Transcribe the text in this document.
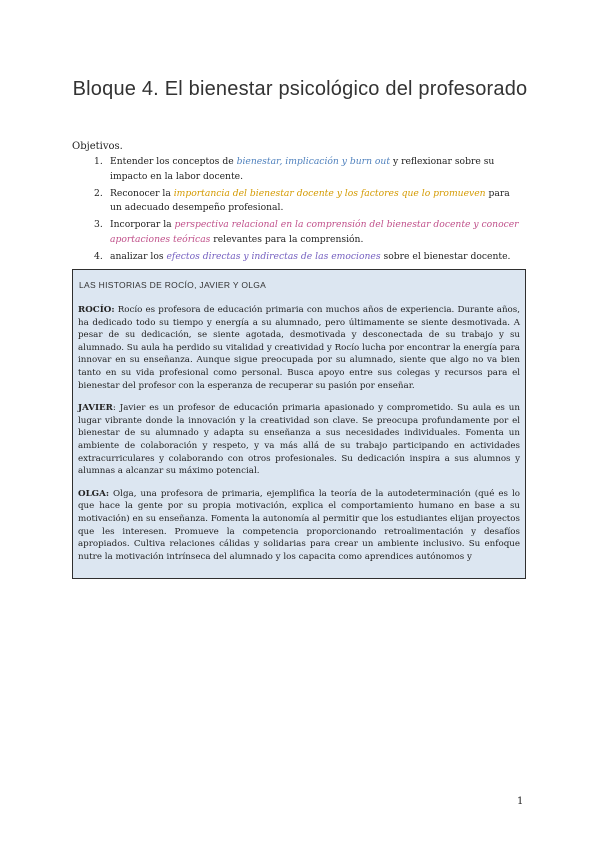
Bloque 4. El bienestar psicológico del profesorado
Objetivos.
1. Entender los conceptos de bienestar, implicación y burn out y reflexionar sobre su impacto en la labor docente.
2. Reconocer la importancia del bienestar docente y los factores que lo promueven para un adecuado desempeño profesional.
3. Incorporar la perspectiva relacional en la comprensión del bienestar docente y conocer aportaciones teóricas relevantes para la comprensión.
4. analizar los efectos directas y indirectas de las emociones sobre el bienestar docente.
LAS HISTORIAS DE ROCÍO, JAVIER Y OLGA

ROCÍO: Rocío es profesora de educación primaria con muchos años de experiencia. Durante años, ha dedicado todo su tiempo y energía a su alumnado, pero últimamente se siente desmotivada. A pesar de su dedicación, se siente agotada, desmotivada y desconectada de su trabajo y su alumnado. Su aula ha perdido su vitalidad y creatividad y Rocío lucha por encontrar la energía para innovar en su enseñanza. Aunque sigue preocupada por su alumnado, siente que algo no va bien tanto en su vida profesional como personal. Busca apoyo entre sus colegas y recursos para el bienestar del profesor con la esperanza de recuperar su pasión por enseñar.

JAVIER: Javier es un profesor de educación primaria apasionado y comprometido. Su aula es un lugar vibrante donde la innovación y la creatividad son clave. Se preocupa profundamente por el bienestar de su alumnado y adapta su enseñanza a sus necesidades individuales. Fomenta un ambiente de colaboración y respeto, y va más allá de su trabajo participando en actividades extracurriculares y colaborando con otros profesionales. Su dedicación inspira a sus alumnos y alumnas a alcanzar su máximo potencial.

OLGA: Olga, una profesora de primaria, ejemplifica la teoría de la autodeterminación (qué es lo que hace la gente por su propia motivación, explica el comportamiento humano en base a su motivación) en su enseñanza. Fomenta la autonomía al permitir que los estudiantes elijan proyectos que les interesen. Promueve la competencia proporcionando retroalimentación y desafíos apropiados. Cultiva relaciones cálidas y solidarias para crear un ambiente inclusivo. Su enfoque nutre la motivación intrínseca del alumnado y los capacita como aprendices autónomos y

1
